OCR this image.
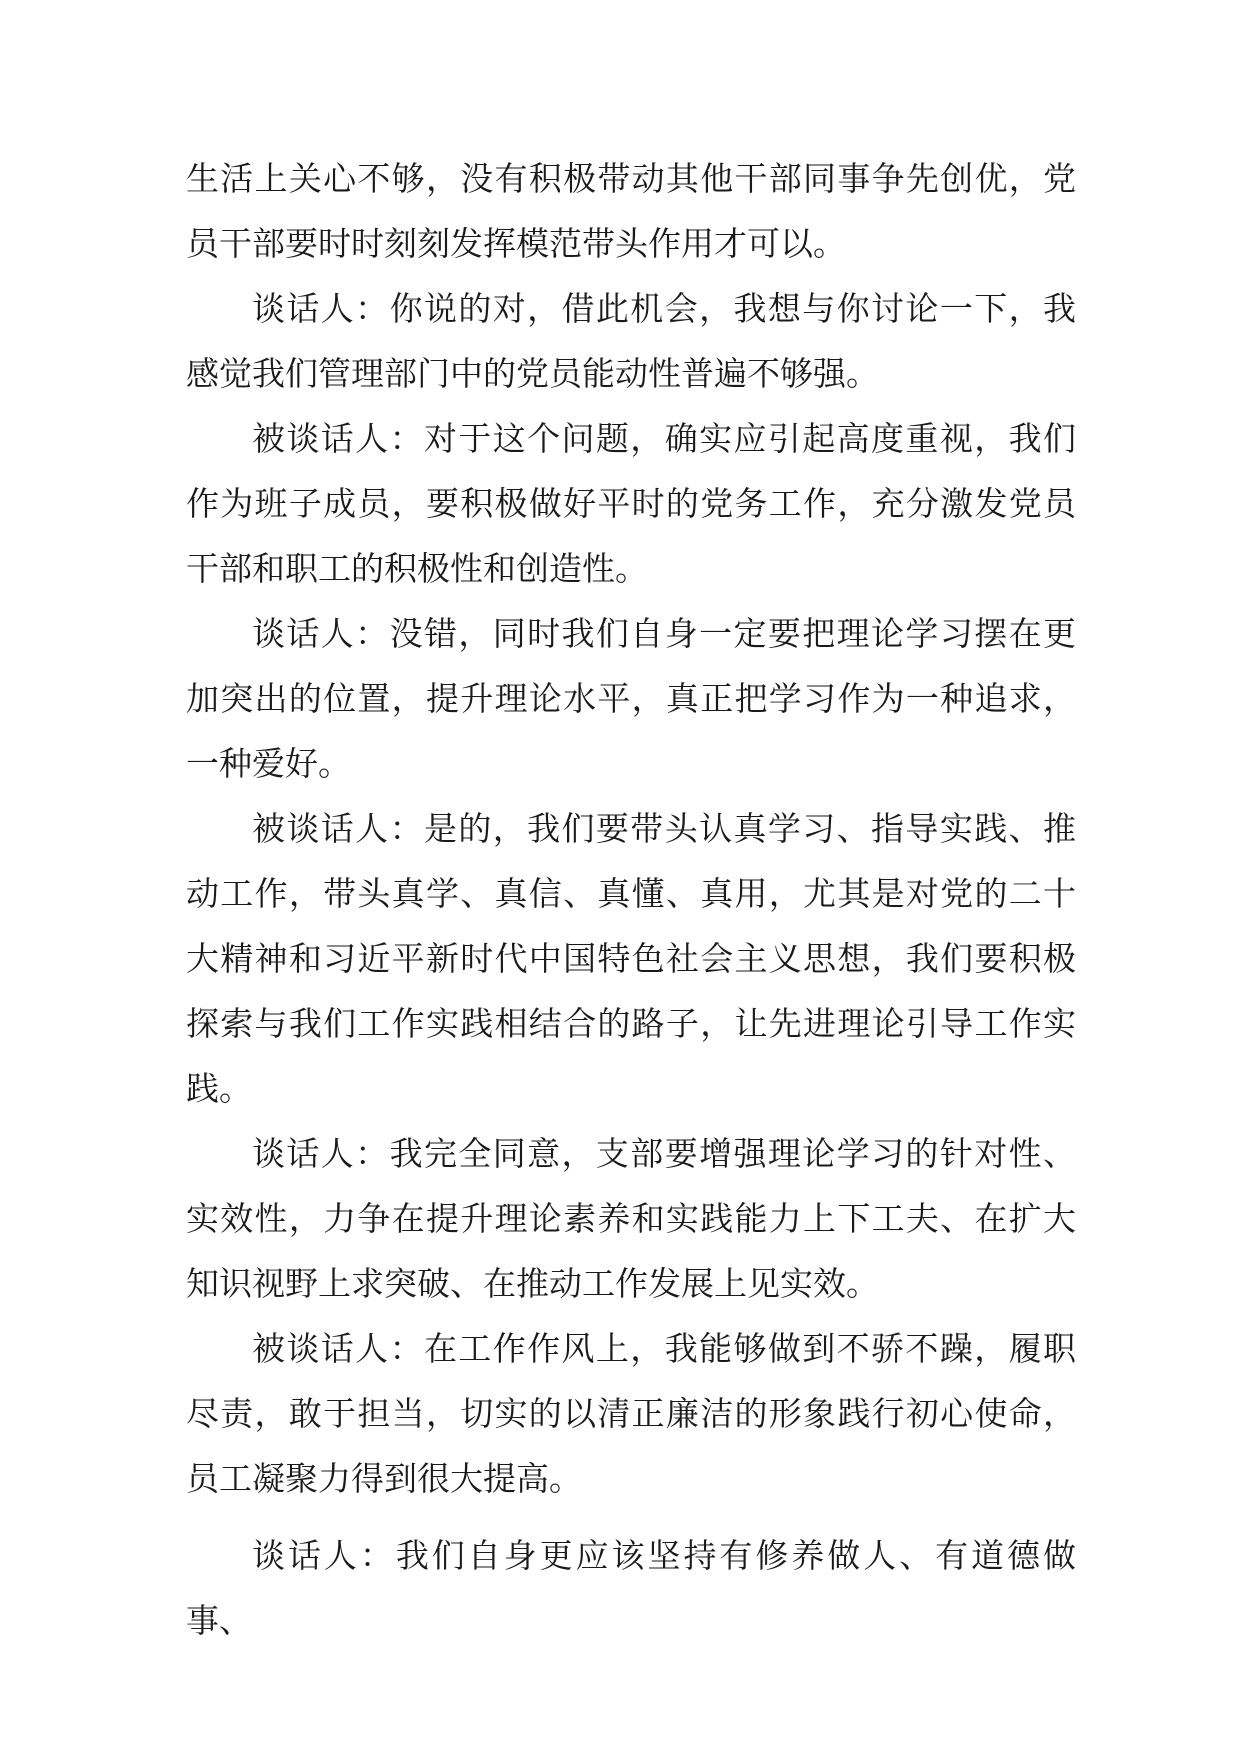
生活上关心不够，没有积极带动其他干部同事争先创优，党员干部要时时刻刻发挥模范带头作用才可以。

谈话人：你说的对，借此机会，我想与你讨论一下，我感觉我们管理部门中的党员能动性普遍不够强。

被谈话人：对于这个问题，确实应引起高度重视，我们作为班子成员，要积极做好平时的党务工作，充分激发党员干部和职工的积极性和创造性。

谈话人：没错，同时我们自身一定要把理论学习摆在更加突出的位置，提升理论水平，真正把学习作为一种追求，一种爱好。

被谈话人：是的，我们要带头认真学习、指导实践、推动工作，带头真学、真信、真懂、真用，尤其是对党的二十大精神和习近平新时代中国特色社会主义思想，我们要积极探索与我们工作实践相结合的路子，让先进理论引导工作实践。

谈话人：我完全同意，支部要增强理论学习的针对性、实效性，力争在提升理论素养和实践能力上下工夫、在扩大知识视野上求突破、在推动工作发展上见实效。

被谈话人：在工作作风上，我能够做到不骄不躁，履职尽责，敢于担当，切实的以清正廉洁的形象践行初心使命，员工凝聚力得到很大提高。

谈话人：我们自身更应该坚持有修养做人、有道德做事、
